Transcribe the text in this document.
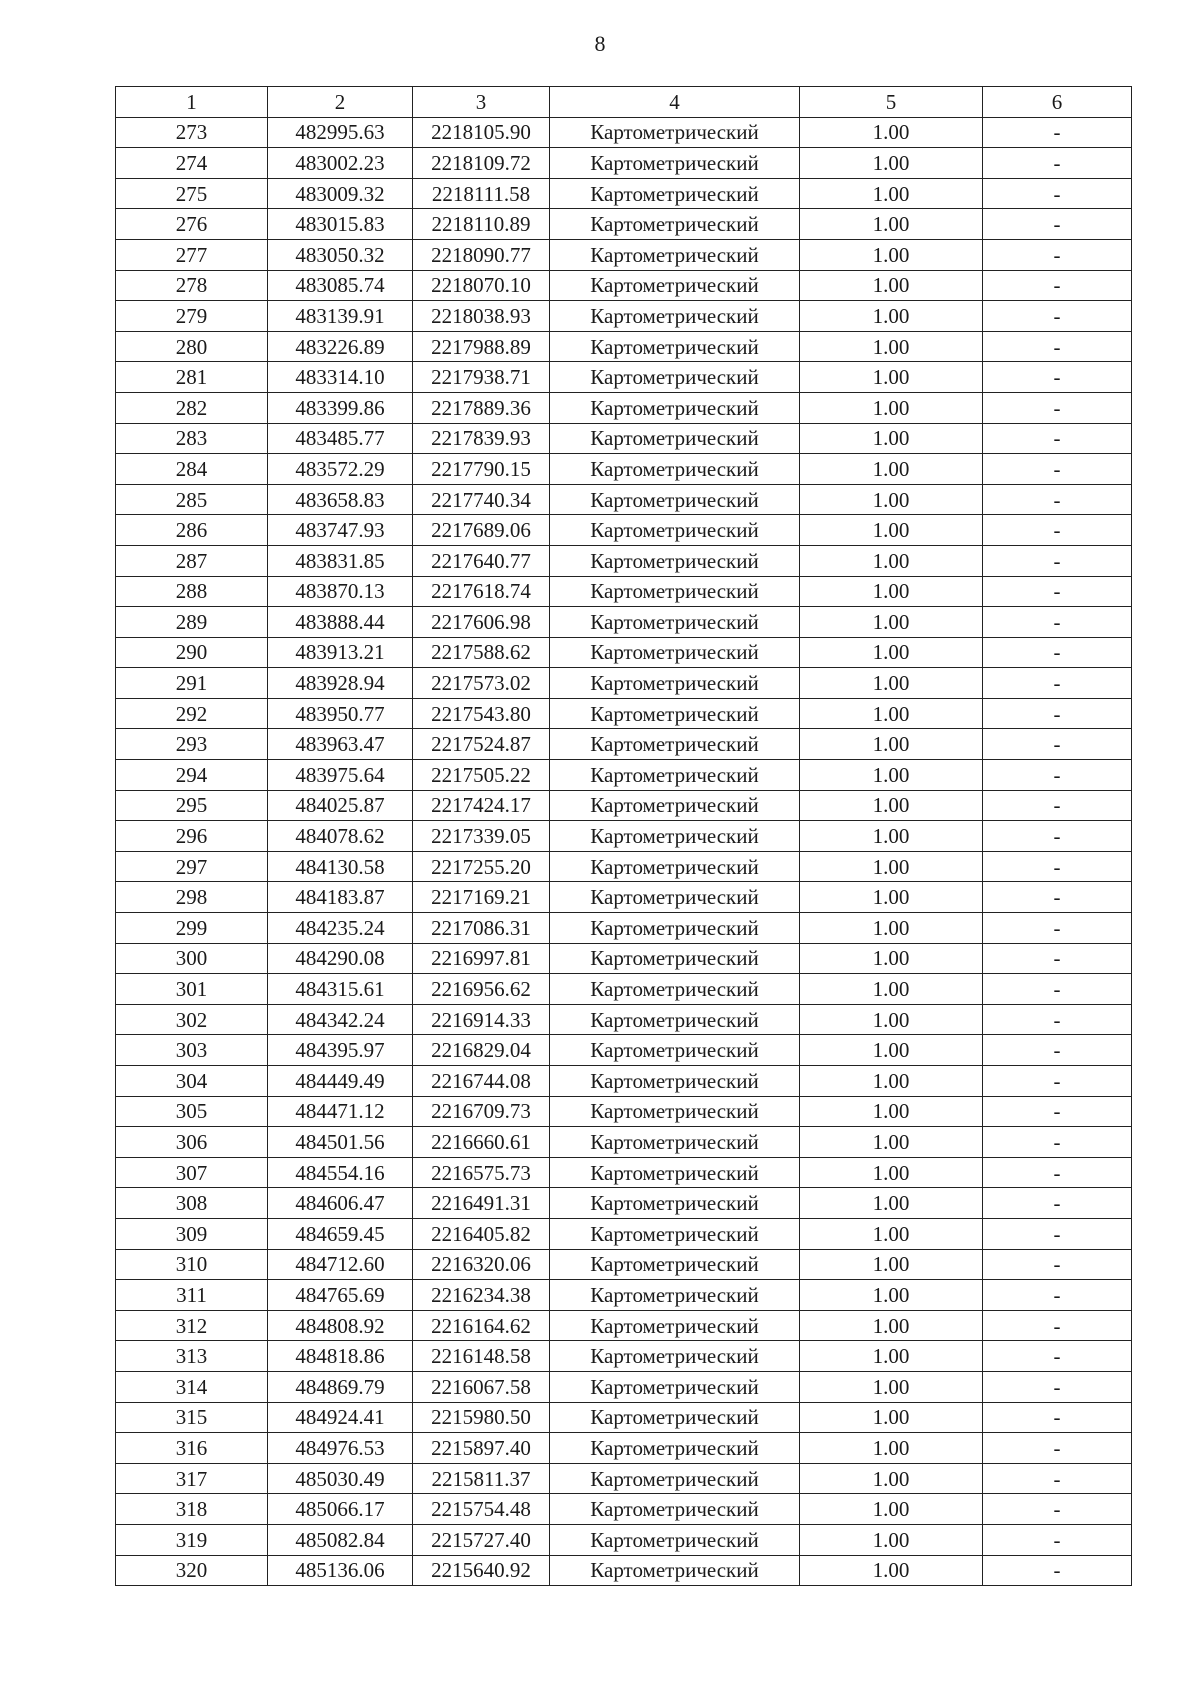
8
1	2	3	4	5	6
273	482995.63	2218105.90	Картометрический	1.00	-
274	483002.23	2218109.72	Картометрический	1.00	-
275	483009.32	2218111.58	Картометрический	1.00	-
276	483015.83	2218110.89	Картометрический	1.00	-
277	483050.32	2218090.77	Картометрический	1.00	-
278	483085.74	2218070.10	Картометрический	1.00	-
279	483139.91	2218038.93	Картометрический	1.00	-
280	483226.89	2217988.89	Картометрический	1.00	-
281	483314.10	2217938.71	Картометрический	1.00	-
282	483399.86	2217889.36	Картометрический	1.00	-
283	483485.77	2217839.93	Картометрический	1.00	-
284	483572.29	2217790.15	Картометрический	1.00	-
285	483658.83	2217740.34	Картометрический	1.00	-
286	483747.93	2217689.06	Картометрический	1.00	-
287	483831.85	2217640.77	Картометрический	1.00	-
288	483870.13	2217618.74	Картометрический	1.00	-
289	483888.44	2217606.98	Картометрический	1.00	-
290	483913.21	2217588.62	Картометрический	1.00	-
291	483928.94	2217573.02	Картометрический	1.00	-
292	483950.77	2217543.80	Картометрический	1.00	-
293	483963.47	2217524.87	Картометрический	1.00	-
294	483975.64	2217505.22	Картометрический	1.00	-
295	484025.87	2217424.17	Картометрический	1.00	-
296	484078.62	2217339.05	Картометрический	1.00	-
297	484130.58	2217255.20	Картометрический	1.00	-
298	484183.87	2217169.21	Картометрический	1.00	-
299	484235.24	2217086.31	Картометрический	1.00	-
300	484290.08	2216997.81	Картометрический	1.00	-
301	484315.61	2216956.62	Картометрический	1.00	-
302	484342.24	2216914.33	Картометрический	1.00	-
303	484395.97	2216829.04	Картометрический	1.00	-
304	484449.49	2216744.08	Картометрический	1.00	-
305	484471.12	2216709.73	Картометрический	1.00	-
306	484501.56	2216660.61	Картометрический	1.00	-
307	484554.16	2216575.73	Картометрический	1.00	-
308	484606.47	2216491.31	Картометрический	1.00	-
309	484659.45	2216405.82	Картометрический	1.00	-
310	484712.60	2216320.06	Картометрический	1.00	-
311	484765.69	2216234.38	Картометрический	1.00	-
312	484808.92	2216164.62	Картометрический	1.00	-
313	484818.86	2216148.58	Картометрический	1.00	-
314	484869.79	2216067.58	Картометрический	1.00	-
315	484924.41	2215980.50	Картометрический	1.00	-
316	484976.53	2215897.40	Картометрический	1.00	-
317	485030.49	2215811.37	Картометрический	1.00	-
318	485066.17	2215754.48	Картометрический	1.00	-
319	485082.84	2215727.40	Картометрический	1.00	-
320	485136.06	2215640.92	Картометрический	1.00	-
